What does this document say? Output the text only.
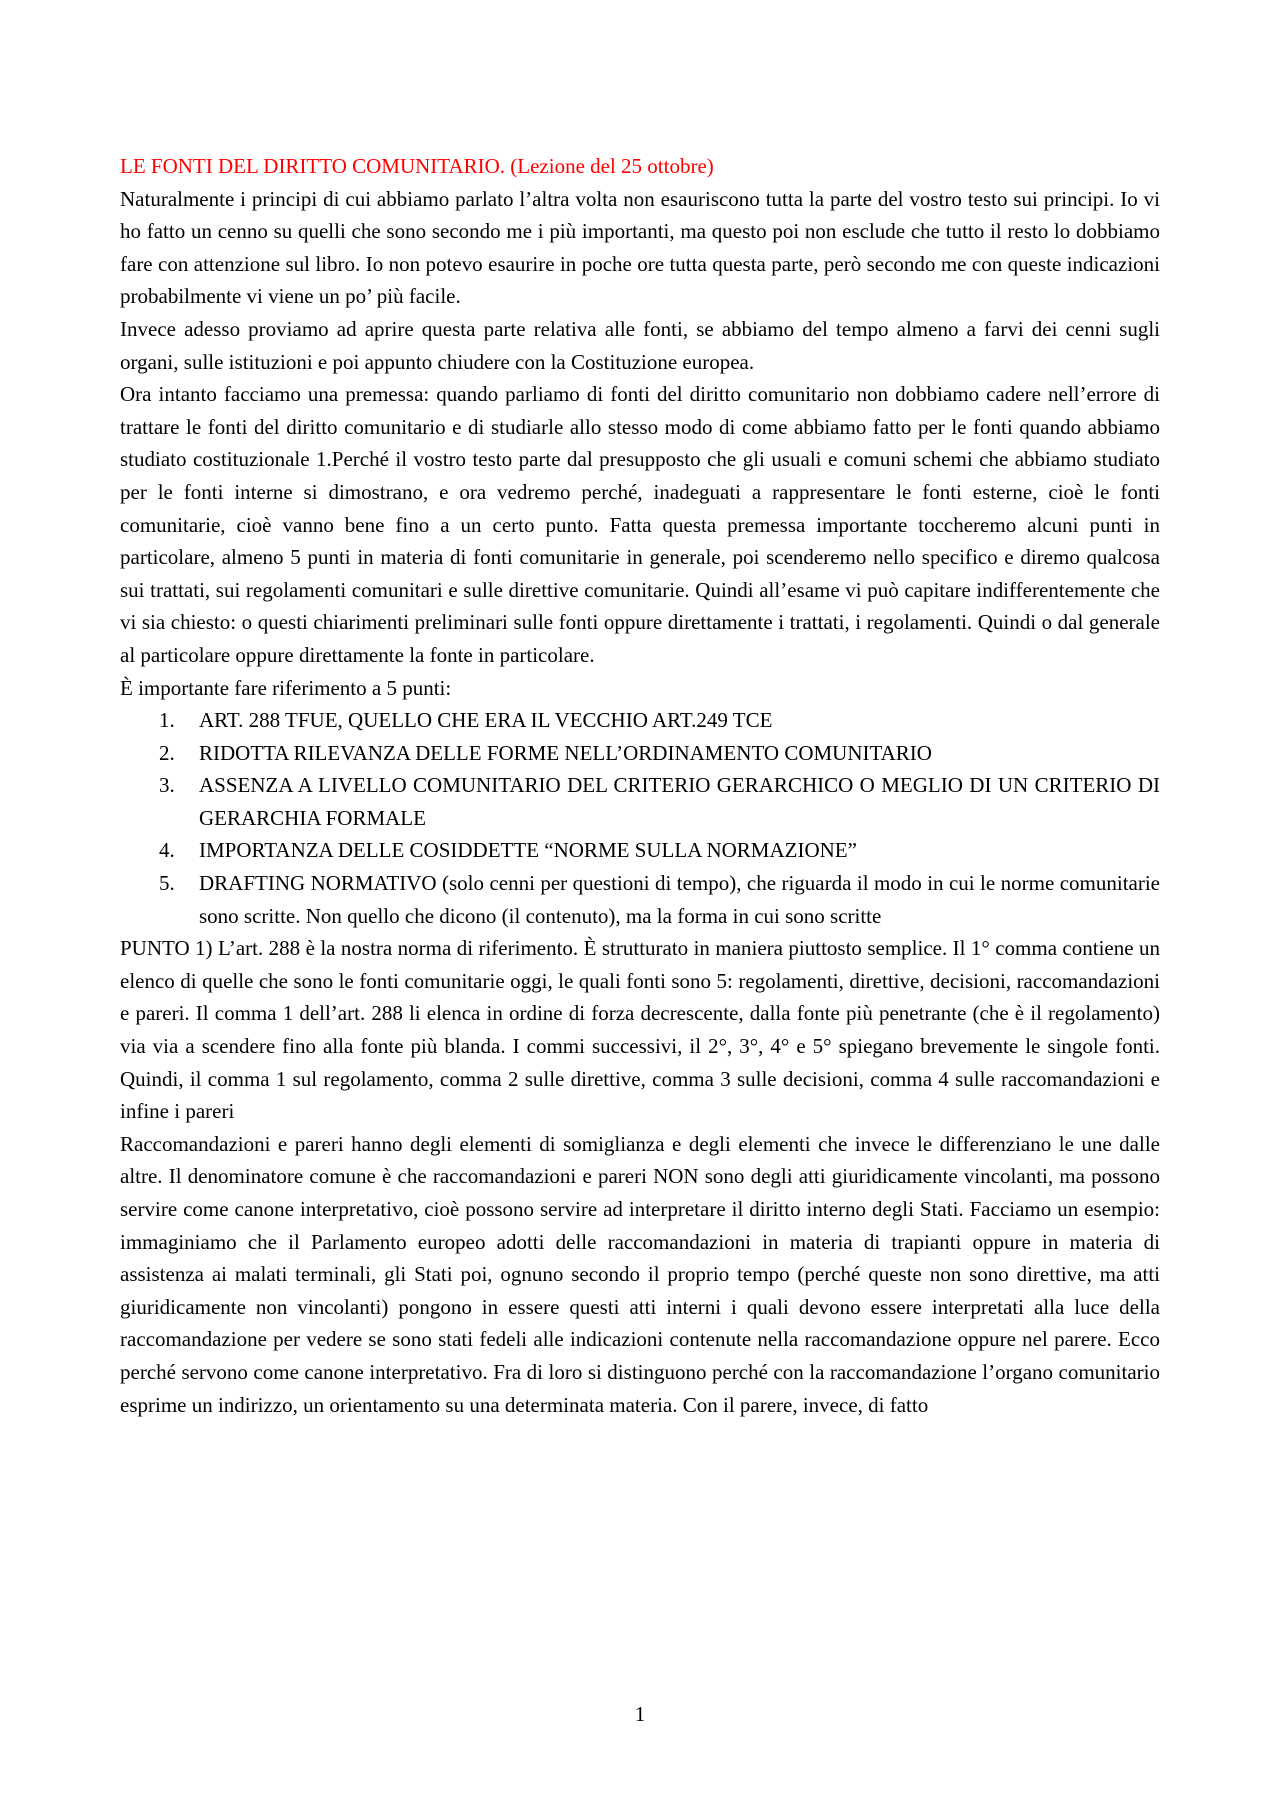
LE FONTI DEL DIRITTO COMUNITARIO. (Lezione del 25 ottobre)

Naturalmente i principi di cui abbiamo parlato l’altra volta non esauriscono tutta la parte del vostro testo sui principi. Io vi ho fatto un cenno su quelli che sono secondo me i più importanti, ma questo poi non esclude che tutto il resto lo dobbiamo fare con attenzione sul libro. Io non potevo esaurire in poche ore tutta questa parte, però secondo me con queste indicazioni probabilmente vi viene un po’ più facile.

Invece adesso proviamo ad aprire questa parte relativa alle fonti, se abbiamo del tempo almeno a farvi dei cenni sugli organi, sulle istituzioni e poi appunto chiudere con la Costituzione europea.

Ora intanto facciamo una premessa: quando parliamo di fonti del diritto comunitario non dobbiamo cadere nell’errore di trattare le fonti del diritto comunitario e di studiarle allo stesso modo di come abbiamo fatto per le fonti quando abbiamo studiato costituzionale 1.Perché il vostro testo parte dal presupposto che gli usuali e comuni schemi che abbiamo studiato per le fonti interne si dimostrano, e ora vedremo perché, inadeguati a rappresentare le fonti esterne, cioè le fonti comunitarie, cioè vanno bene fino a un certo punto. Fatta questa premessa importante toccheremo alcuni punti in particolare, almeno 5 punti in materia di fonti comunitarie in generale, poi scenderemo nello specifico e diremo qualcosa sui trattati, sui regolamenti comunitari e sulle direttive comunitarie. Quindi all’esame vi può capitare indifferentemente che vi sia chiesto: o questi chiarimenti preliminari sulle fonti oppure direttamente i trattati, i regolamenti. Quindi o dal generale al particolare oppure direttamente la fonte in particolare.

È importante fare riferimento a 5 punti:

1. ART. 288 TFUE, QUELLO CHE ERA IL VECCHIO ART.249 TCE
2. RIDOTTA RILEVANZA DELLE FORME NELL’ORDINAMENTO COMUNITARIO
3. ASSENZA A LIVELLO COMUNITARIO DEL CRITERIO GERARCHICO O MEGLIO DI UN CRITERIO DI GERARCHIA FORMALE
4. IMPORTANZA DELLE COSIDDETTE “NORME SULLA NORMAZIONE”
5. DRAFTING NORMATIVO (solo cenni per questioni di tempo), che riguarda il modo in cui le norme comunitarie sono scritte. Non quello che dicono (il contenuto), ma la forma in cui sono scritte

PUNTO 1) L’art. 288 è la nostra norma di riferimento. È strutturato in maniera piuttosto semplice. Il 1° comma contiene un elenco di quelle che sono le fonti comunitarie oggi, le quali fonti sono 5: regolamenti, direttive, decisioni, raccomandazioni e pareri. Il comma 1 dell’art. 288 li elenca in ordine di forza decrescente, dalla fonte più penetrante (che è il regolamento) via via a scendere fino alla fonte più blanda. I commi successivi, il 2°, 3°, 4° e 5° spiegano brevemente le singole fonti. Quindi, il comma 1 sul regolamento, comma 2 sulle direttive, comma 3 sulle decisioni, comma 4 sulle raccomandazioni e infine i pareri

Raccomandazioni e pareri hanno degli elementi di somiglianza e degli elementi che invece le differenziano le une dalle altre. Il denominatore comune è che raccomandazioni e pareri NON sono degli atti giuridicamente vincolanti, ma possono servire come canone interpretativo, cioè possono servire ad interpretare il diritto interno degli Stati. Facciamo un esempio: immaginiamo che il Parlamento europeo adotti delle raccomandazioni in materia di trapianti oppure in materia di assistenza ai malati terminali, gli Stati poi, ognuno secondo il proprio tempo (perché queste non sono direttive, ma atti giuridicamente non vincolanti) pongono in essere questi atti interni i quali devono essere interpretati alla luce della raccomandazione per vedere se sono stati fedeli alle indicazioni contenute nella raccomandazione oppure nel parere. Ecco perché servono come canone interpretativo. Fra di loro si distinguono perché con la raccomandazione l’organo comunitario esprime un indirizzo, un orientamento su una determinata materia. Con il parere, invece, di fatto

1
